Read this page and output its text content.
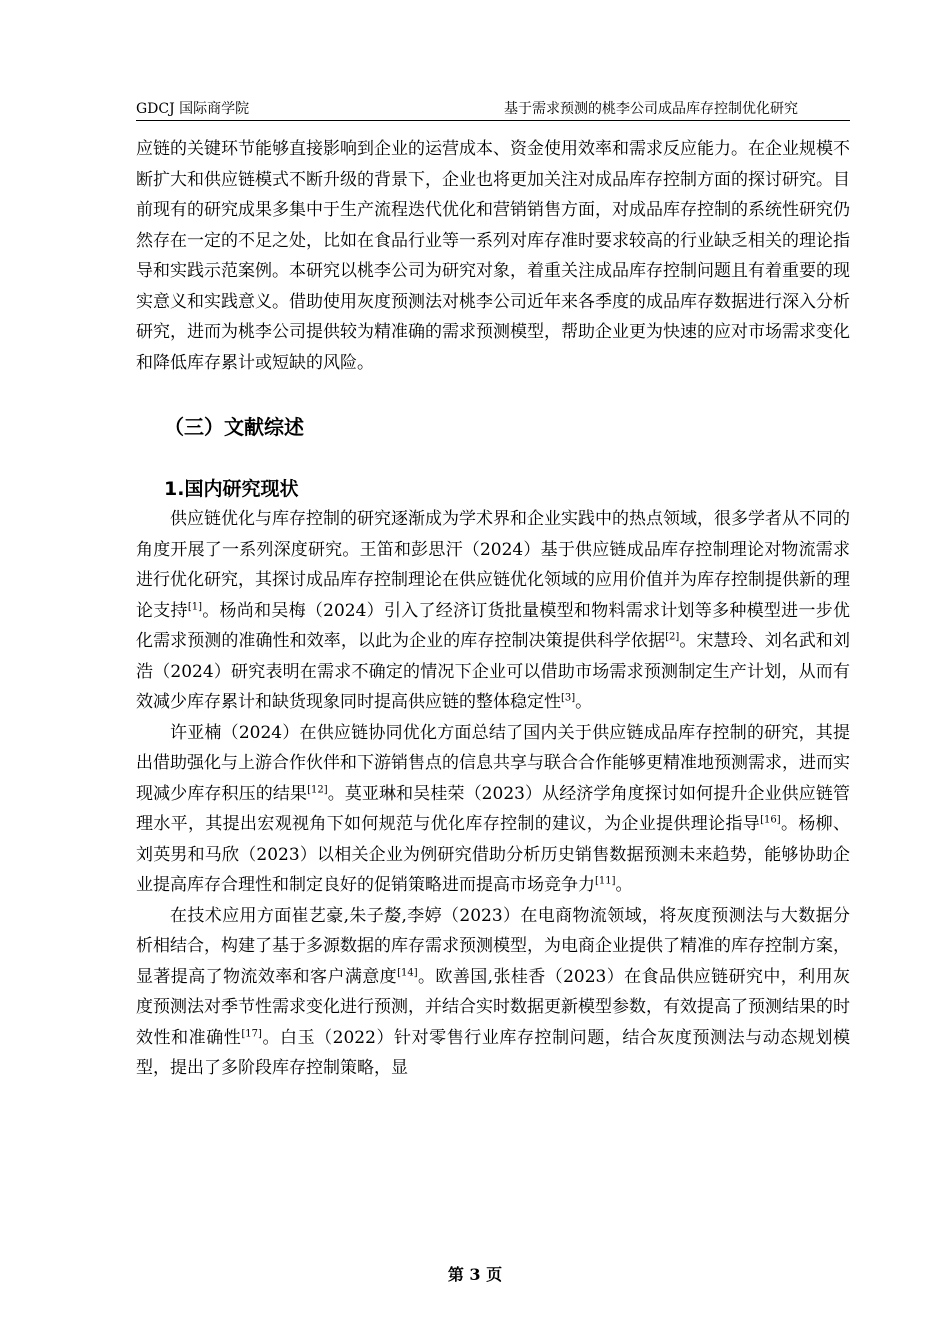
GDCJ 国际商学院	基于需求预测的桃李公司成品库存控制优化研究

应链的关键环节能够直接影响到企业的运营成本、资金使用效率和需求反应能力。在企业规模不断扩大和供应链模式不断升级的背景下，企业也将更加关注对成品库存控制方面的探讨研究。目前现有的研究成果多集中于生产流程迭代优化和营销销售方面，对成品库存控制的系统性研究仍然存在一定的不足之处，比如在食品行业等一系列对库存准时要求较高的行业缺乏相关的理论指导和实践示范案例。本研究以桃李公司为研究对象，着重关注成品库存控制问题且有着重要的现实意义和实践意义。借助使用灰度预测法对桃李公司近年来各季度的成品库存数据进行深入分析研究，进而为桃李公司提供较为精准确的需求预测模型，帮助企业更为快速的应对市场需求变化和降低库存累计或短缺的风险。

（三）文献综述
1.国内研究现状

供应链优化与库存控制的研究逐渐成为学术界和企业实践中的热点领域，很多学者从不同的角度开展了一系列深度研究。王笛和彭思汗（2024）基于供应链成品库存控制理论对物流需求进行优化研究，其探讨成品库存控制理论在供应链优化领域的应用价值并为库存控制提供新的理论支持[1]。杨尚和吴梅（2024）引入了经济订货批量模型和物料需求计划等多种模型进一步优化需求预测的准确性和效率，以此为企业的库存控制决策提供科学依据[2]。宋慧玲、刘名武和刘浩（2024）研究表明在需求不确定的情况下企业可以借助市场需求预测制定生产计划，从而有效减少库存累计和缺货现象同时提高供应链的整体稳定性[3]。

许亚楠（2024）在供应链协同优化方面总结了国内关于供应链成品库存控制的研究，其提出借助强化与上游合作伙伴和下游销售点的信息共享与联合合作能够更精准地预测需求，进而实现减少库存积压的结果[12]。莫亚琳和吴桂荣（2023）从经济学角度探讨如何提升企业供应链管理水平，其提出宏观视角下如何规范与优化库存控制的建议，为企业提供理论指导[16]。杨柳、刘英男和马欣（2023）以相关企业为例研究借助分析历史销售数据预测未来趋势，能够协助企业提高库存合理性和制定良好的促销策略进而提高市场竞争力[11]。

在技术应用方面崔艺豪,朱子嫠,李婷（2023）在电商物流领域，将灰度预测法与大数据分析相结合，构建了基于多源数据的库存需求预测模型，为电商企业提供了精准的库存控制方案，显著提高了物流效率和客户满意度[14]。欧善国,张桂香（2023）在食品供应链研究中，利用灰度预测法对季节性需求变化进行预测，并结合实时数据更新模型参数，有效提高了预测结果的时效性和准确性[17]。白玉（2022）针对零售行业库存控制问题，结合灰度预测法与动态规划模型，提出了多阶段库存控制策略，显

第 3 页
